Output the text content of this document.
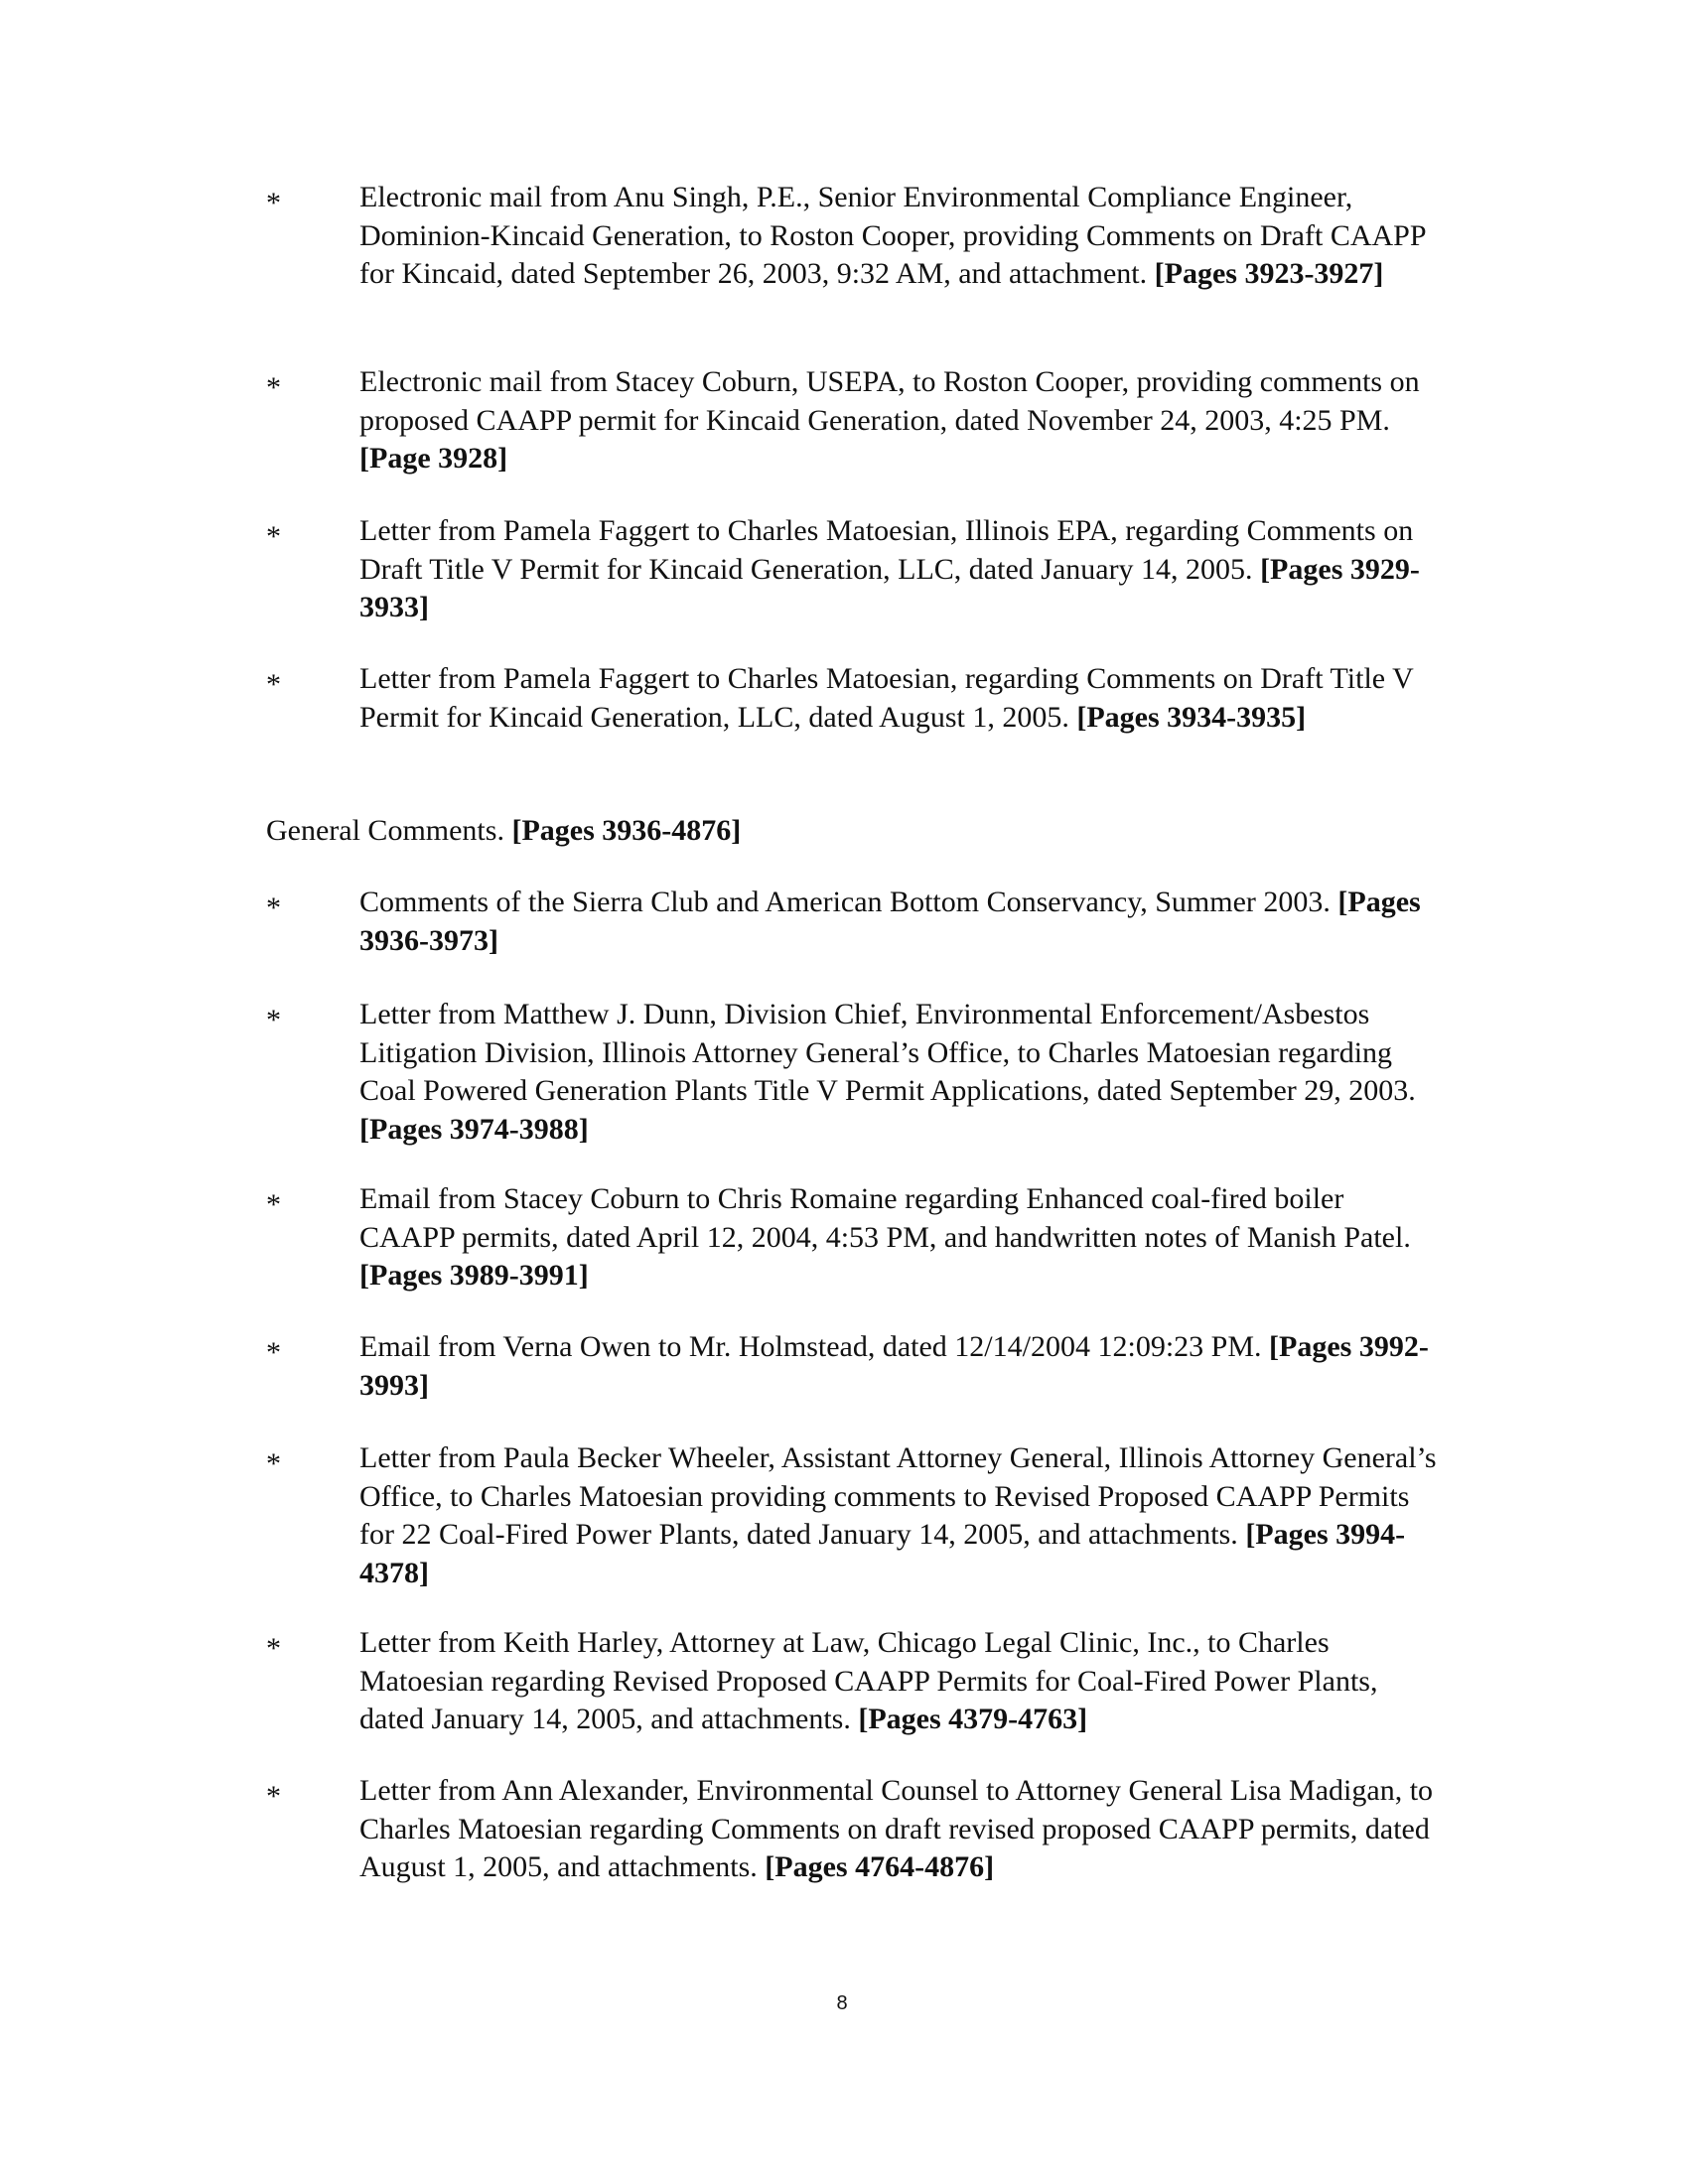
*	Electronic mail from Anu Singh, P.E., Senior Environmental Compliance Engineer, Dominion-Kincaid Generation, to Roston Cooper, providing Comments on Draft CAAPP for Kincaid, dated September 26, 2003, 9:32 AM, and attachment. [Pages 3923-3927]
*	Electronic mail from Stacey Coburn, USEPA, to Roston Cooper, providing comments on proposed CAAPP permit for Kincaid Generation, dated November 24, 2003, 4:25 PM. [Page 3928]
*	Letter from Pamela Faggert to Charles Matoesian, Illinois EPA, regarding Comments on Draft Title V Permit for Kincaid Generation, LLC, dated January 14, 2005. [Pages 3929-3933]
*	Letter from Pamela Faggert to Charles Matoesian, regarding Comments on Draft Title V Permit for Kincaid Generation, LLC, dated August 1, 2005. [Pages 3934-3935]
General Comments. [Pages 3936-4876]
*	Comments of the Sierra Club and American Bottom Conservancy, Summer 2003. [Pages 3936-3973]
*	Letter from Matthew J. Dunn, Division Chief, Environmental Enforcement/Asbestos Litigation Division, Illinois Attorney General’s Office, to Charles Matoesian regarding Coal Powered Generation Plants Title V Permit Applications, dated September 29, 2003. [Pages 3974-3988]
*	Email from Stacey Coburn to Chris Romaine regarding Enhanced coal-fired boiler CAAPP permits, dated April 12, 2004, 4:53 PM, and handwritten notes of Manish Patel. [Pages 3989-3991]
*	Email from Verna Owen to Mr. Holmstead, dated 12/14/2004 12:09:23 PM. [Pages 3992-3993]
*	Letter from Paula Becker Wheeler, Assistant Attorney General, Illinois Attorney General’s Office, to Charles Matoesian providing comments to Revised Proposed CAAPP Permits for 22 Coal-Fired Power Plants, dated January 14, 2005, and attachments. [Pages 3994-4378]
*	Letter from Keith Harley, Attorney at Law, Chicago Legal Clinic, Inc., to Charles Matoesian regarding Revised Proposed CAAPP Permits for Coal-Fired Power Plants, dated January 14, 2005, and attachments. [Pages 4379-4763]
*	Letter from Ann Alexander, Environmental Counsel to Attorney General Lisa Madigan, to Charles Matoesian regarding Comments on draft revised proposed CAAPP permits, dated August 1, 2005, and attachments. [Pages 4764-4876]
8
